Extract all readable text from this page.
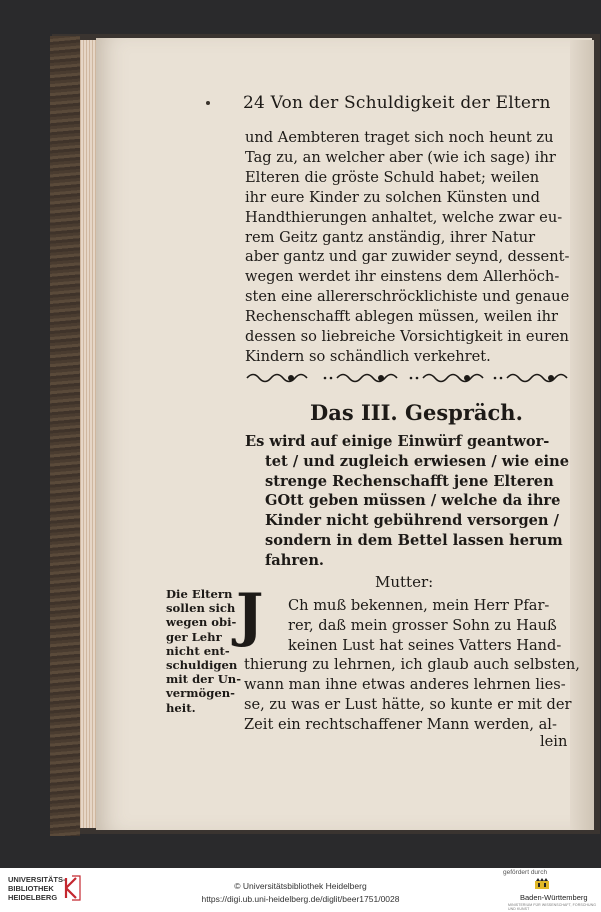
24 Von der Schuldigkeit der Eltern
und Aembteren traget sich noch heunt zu
Tag zu, an welcher aber (wie ich sage) ihr
Elteren die gröste Schuld habet; weilen
ihr eure Kinder zu solchen Künsten und
Handthierungen anhaltet, welche zwar eu-
rem Geitz gantz anständig, ihrer Natur
aber gantz und gar zuwider seynd, dessent-
wegen werdet ihr einstens dem Allerhöch-
sten eine allererschröcklichiste und genaue
Rechenschafft ablegen müssen, weilen ihr
dessen so liebreiche Vorsichtigkeit in euren
Kindern so schändlich verkehret.
Das III. Gespräch.
Es wird auf einige Einwürf geantwor-
tet / und zugleich erwiesen / wie eine
strenge Rechenschafft jene Elteren
GOtt geben müssen / welche da ihre
Kinder nicht gebührend versorgen /
sondern in dem Bettel lassen herum
fahren.
Mutter:
Die Eltern
sollen sich
wegen obi-
ger Lehr
nicht ent-
schuldigen
mit der Un-
vermögen-
heit.
J Ch muß bekennen, mein Herr Pfar-
rer, daß mein grosser Sohn zu Hauß
keinen Lust hat seines Vatters Hand-
thierung zu lehrnen, ich glaub auch selbsten,
wann man ihne etwas anderes lehrnen lies-
se, zu was er Lust hätte, so kunte er mit der
Zeit ein rechtschaffener Mann werden, al-
lein
UNIVERSITÄTS-
BIBLIOTHEK
HEIDELBERG
© Universitätsbibliothek Heidelberg
https://digi.ub.uni-heidelberg.de/diglit/beer1751/0028
gefördert durch
Baden-Württemberg
MINISTERIUM FÜR WISSENSCHAFT, FORSCHUNG UND KUNST
